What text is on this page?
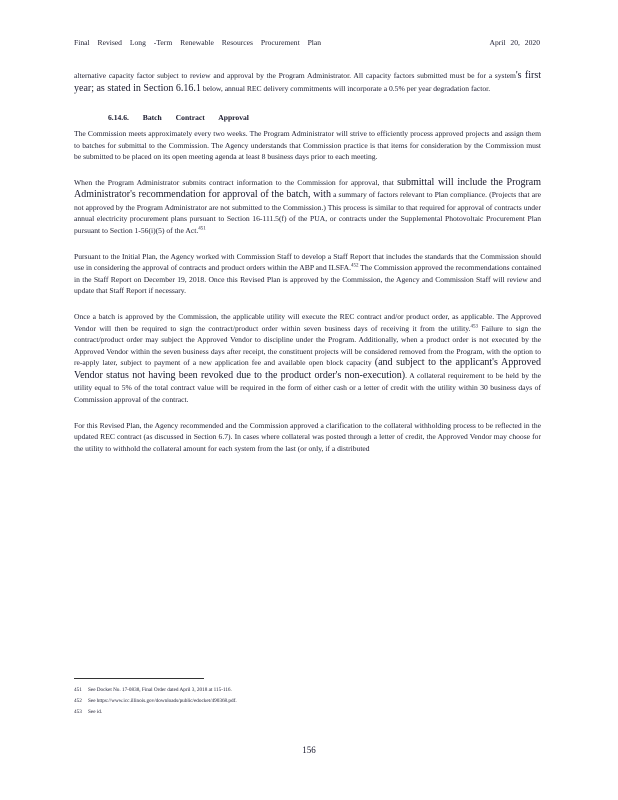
Final Revised Long -Term Renewable Resources Procurement Plan	April 20, 2020

alternative capacity factor subject to review and approval by the Program Administrator. All capacity factors submitted must be for a system's first year; as stated in Section 6.16.1 below, annual REC delivery commitments will incorporate a 0.5% per year degradation factor.

6.14.6. Batch Contract Approval

The Commission meets approximately every two weeks. The Program Administrator will strive to efficiently process approved projects and assign them to batches for submittal to the Commission. The Agency understands that Commission practice is that items for consideration by the Commission must be submitted to be placed on its open meeting agenda at least 8 business days prior to each meeting.

When the Program Administrator submits contract information to the Commission for approval, that submittal will include the Program Administrator's recommendation for approval of the batch, with a summary of factors relevant to Plan compliance. (Projects that are not approved by the Program Administrator are not submitted to the Commission.) This process is similar to that required for approval of contracts under annual electricity procurement plans pursuant to Section 16-111.5(f) of the PUA, or contracts under the Supplemental Photovoltaic Procurement Plan pursuant to Section 1-56(i)(5) of the Act.$^{451}$

Pursuant to the Initial Plan, the Agency worked with Commission Staff to develop a Staff Report that includes the standards that the Commission should use in considering the approval of contracts and product orders within the ABP and ILSFA.$^{452}$ The Commission approved the recommendations contained in the Staff Report on December 19, 2018. Once this Revised Plan is approved by the Commission, the Agency and Commission Staff will review and update that Staff Report if necessary.

Once a batch is approved by the Commission, the applicable utility will execute the REC contract and/or product order, as applicable. The Approved Vendor will then be required to sign the contract/product order within seven business days of receiving it from the utility.$^{453}$ Failure to sign the contract/product order may subject the Approved Vendor to discipline under the Program. Additionally, when a product order is not executed by the Approved Vendor within the seven business days after receipt, the constituent projects will be considered removed from the Program, with the option to re-apply later, subject to payment of a new application fee and available open block capacity (and subject to the applicant's Approved Vendor status not having been revoked due to the product order's non-execution). A collateral requirement to be held by the utility equal to 5% of the total contract value will be required in the form of either cash or a letter of credit with the utility within 30 business days of Commission approval of the contract.

For this Revised Plan, the Agency recommended and the Commission approved a clarification to the collateral withholding process to be reflected in the updated REC contract (as discussed in Section 6.7). In cases where collateral was posted through a letter of credit, the Approved Vendor may choose for the utility to withhold the collateral amount for each system from the last (or only, if a distributed

451 See Docket No. 17-0838, Final Order dated April 3, 2018 at 115-116.
452 See https://www.icc.illinois.gov/downloads/public/edocket/490368.pdf.
453 See id.
156
